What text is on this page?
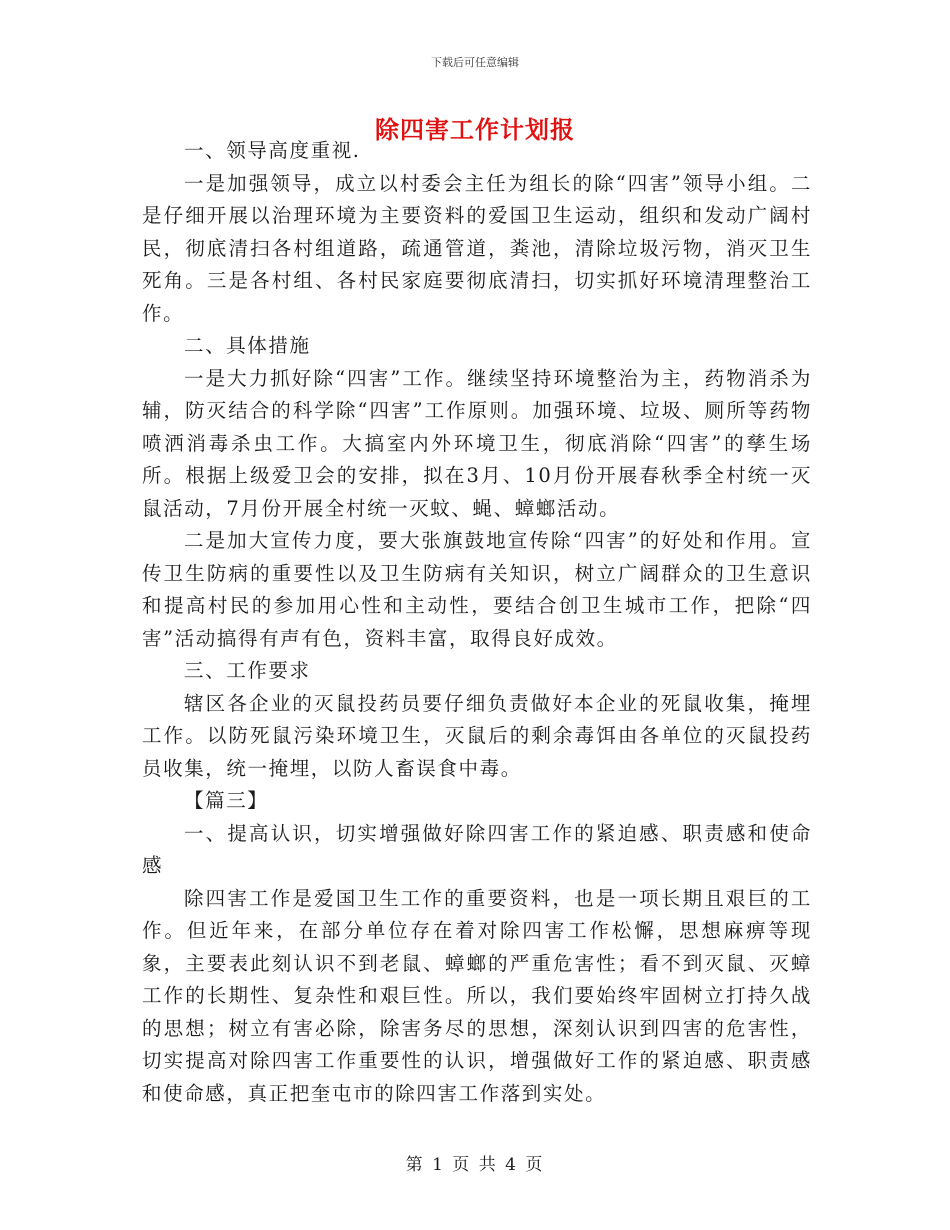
下载后可任意编辑
除四害工作计划报

一、领导高度重视.

一是加强领导，成立以村委会主任为组长的除“四害”领导小组。二是仔细开展以治理环境为主要资料的爱国卫生运动，组织和发动广阔村民，彻底清扫各村组道路，疏通管道，粪池，清除垃圾污物，消灭卫生死角。三是各村组、各村民家庭要彻底清扫，切实抓好环境清理整治工作。

二、具体措施

一是大力抓好除“四害”工作。继续坚持环境整治为主，药物消杀为辅，防灭结合的科学除“四害”工作原则。加强环境、垃圾、厕所等药物喷洒消毒杀虫工作。大搞室内外环境卫生，彻底消除“四害”的孳生场所。根据上级爱卫会的安排，拟在3月、10月份开展春秋季全村统一灭鼠活动，7月份开展全村统一灭蚊、蝇、蟑螂活动。

二是加大宣传力度，要大张旗鼓地宣传除“四害”的好处和作用。宣传卫生防病的重要性以及卫生防病有关知识，树立广阔群众的卫生意识和提高村民的参加用心性和主动性，要结合创卫生城市工作，把除“四害”活动搞得有声有色，资料丰富，取得良好成效。

三、工作要求

辖区各企业的灭鼠投药员要仔细负责做好本企业的死鼠收集，掩埋工作。以防死鼠污染环境卫生，灭鼠后的剩余毒饵由各单位的灭鼠投药员收集，统一掩埋，以防人畜误食中毒。

【篇三】

一、提高认识，切实增强做好除四害工作的紧迫感、职责感和使命感

除四害工作是爱国卫生工作的重要资料，也是一项长期且艰巨的工作。但近年来，在部分单位存在着对除四害工作松懈，思想麻痹等现象，主要表此刻认识不到老鼠、蟑螂的严重危害性；看不到灭鼠、灭蟑工作的长期性、复杂性和艰巨性。所以，我们要始终牢固树立打持久战的思想；树立有害必除，除害务尽的思想，深刻认识到四害的危害性，切实提高对除四害工作重要性的认识，增强做好工作的紧迫感、职责感和使命感，真正把奎屯市的除四害工作落到实处。

第 1 页 共 4 页
